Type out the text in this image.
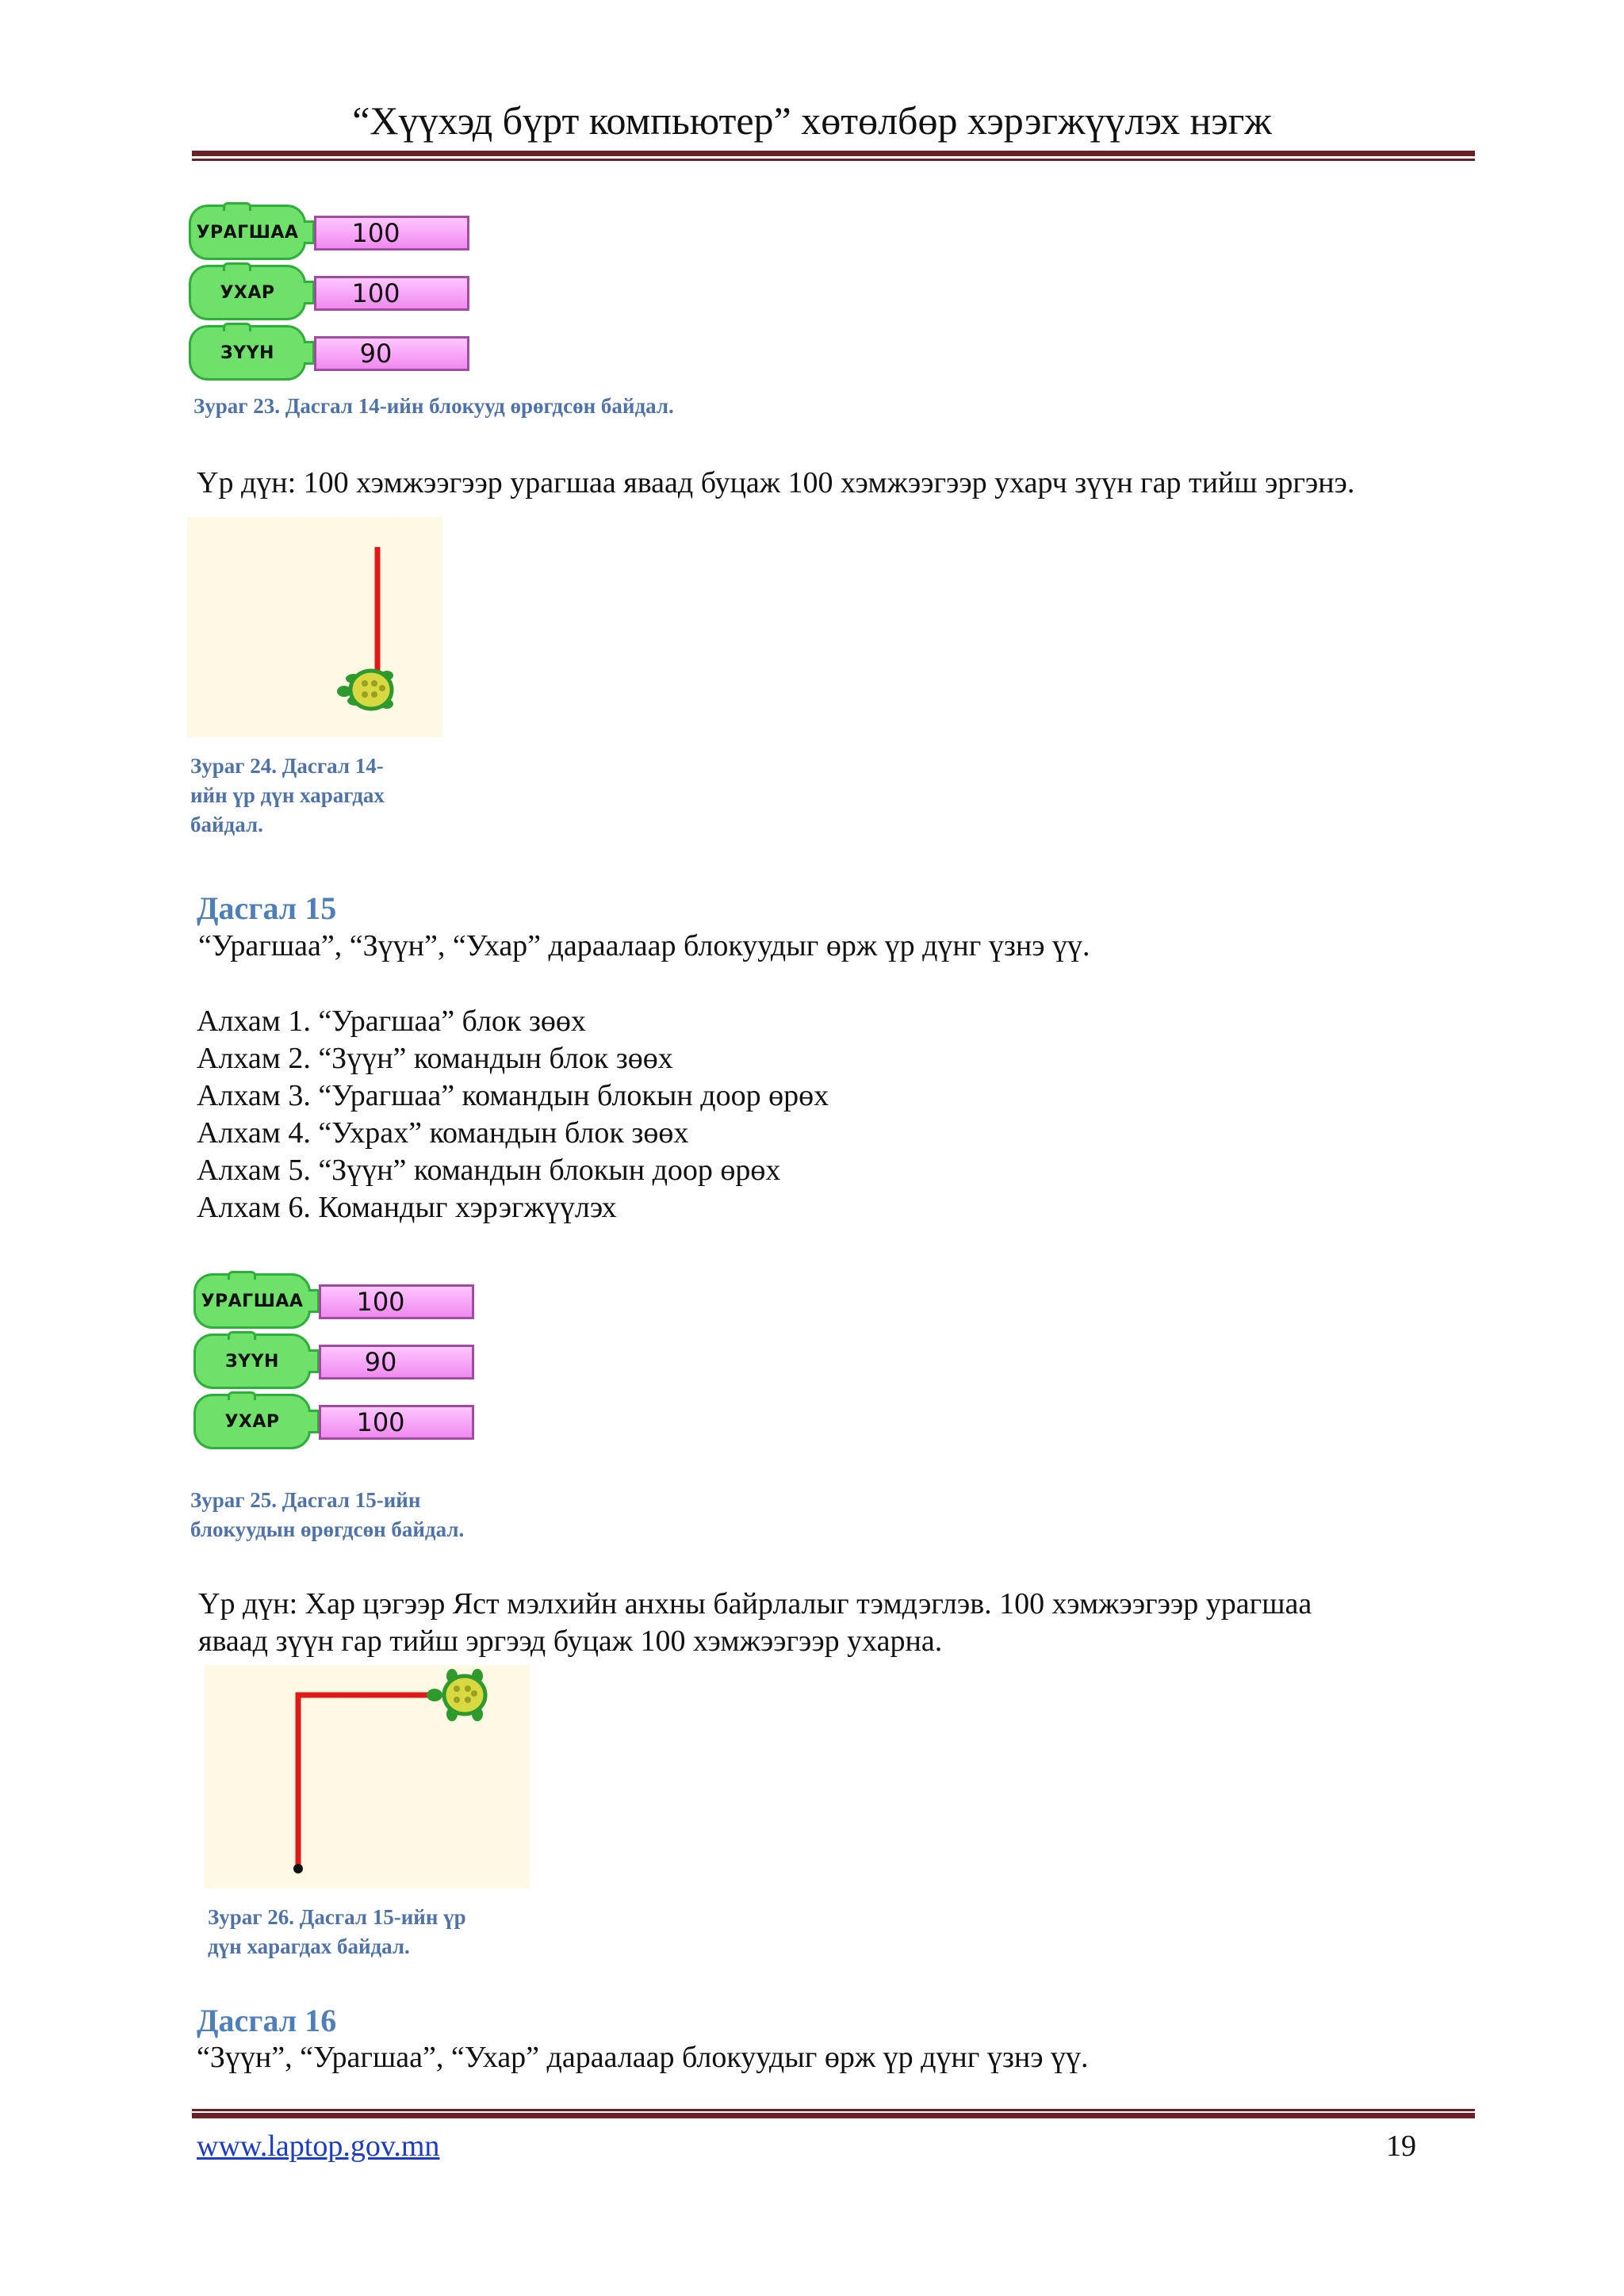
“Хүүхэд бүрт компьютер” хөтөлбөр хэрэгжүүлэх нэгж
УРАГШАА 100
УХАР	100
ЗҮҮН	90
Зураг 23. Дасгал 14-ийн блокууд өрөгдсөн байдал.
Үр дүн: 100 хэмжээгээр урагшаа яваад буцаж 100 хэмжээгээр ухарч зүүн гар тийш эргэнэ.
Зураг 24. Дасгал 14-
ийн үр дүн харагдах
байдал.
Дасгал 15
“Урагшаа”, “Зүүн”, “Ухар” дараалаар блокуудыг өрж үр дүнг үзнэ үү.
Алхам 1. “Урагшаа” блок зөөх
Алхам 2. “Зүүн” командын блок зөөх
Алхам 3. “Урагшаа” командын блокын доор өрөх
Алхам 4. “Ухрах” командын блок зөөх
Алхам 5. “Зүүн” командын блокын доор өрөх
Алхам 6. Командыг хэрэгжүүлэх
УРАГШАА 100
ЗҮҮН	90
УХАР	100
Зураг 25. Дасгал 15-ийн
блокуудын өрөгдсөн байдал.
Үр дүн: Хар цэгээр Яст мэлхийн анхны байрлалыг тэмдэглэв. 100 хэмжээгээр урагшаа
яваад зүүн гар тийш эргээд буцаж 100 хэмжээгээр ухарна.
Зураг 26. Дасгал 15-ийн үр
дүн харагдах байдал.
Дасгал 16
“Зүүн”, “Урагшаа”, “Ухар” дараалаар блокуудыг өрж үр дүнг үзнэ үү.
www.laptop.gov.mn	19
